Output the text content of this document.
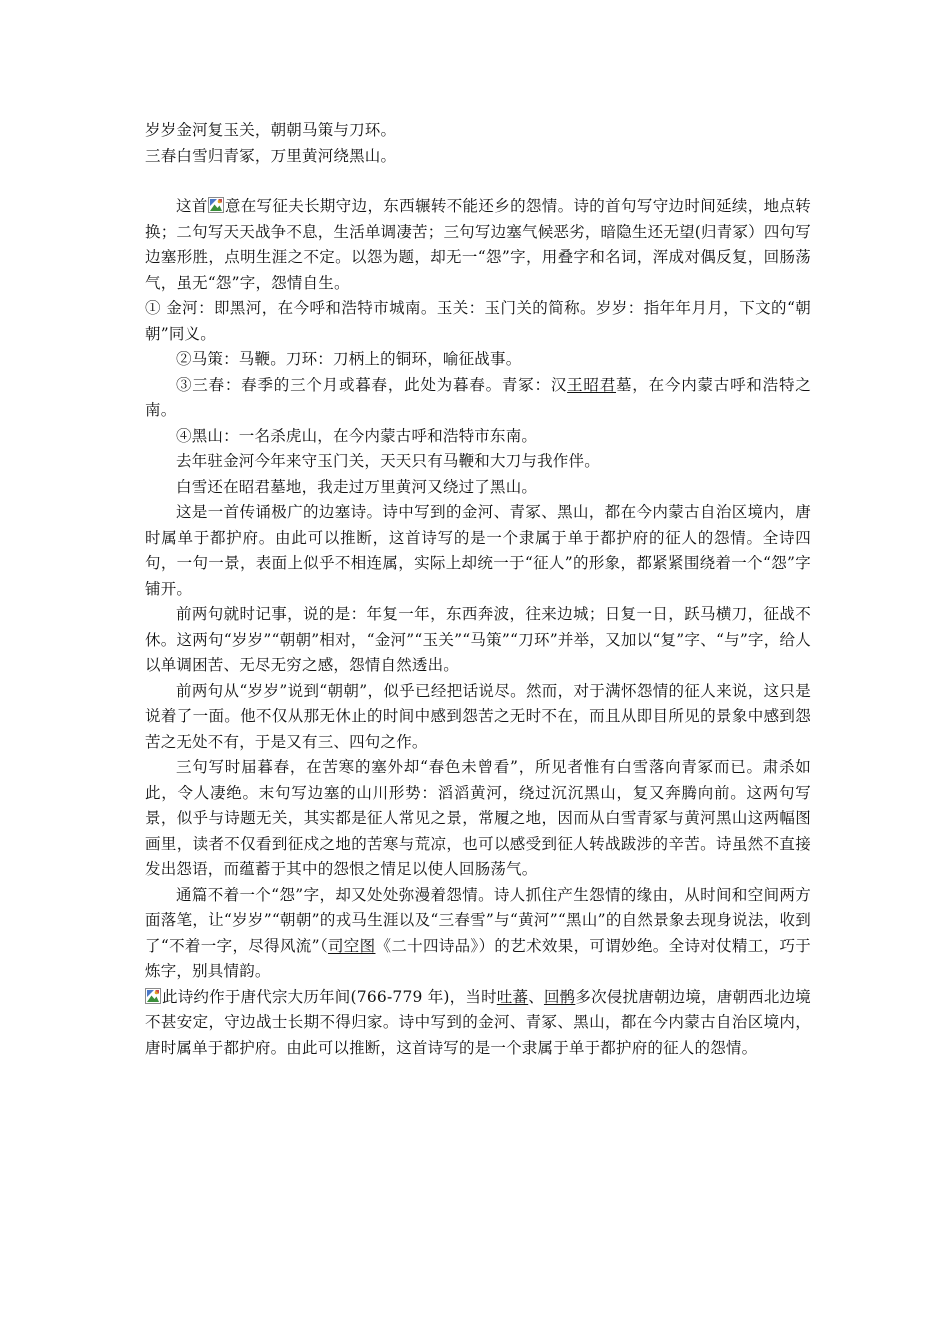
岁岁金河复玉关，朝朝马策与刀环。

三春白雪归青冢，万里黄河绕黑山。

这首 意在写征夫长期守边，东西辗转不能还乡的怨情。诗的首句写守边时间延续，地点转换；二句写天天战争不息，生活单调凄苦；三句写边塞气候恶劣，暗隐生还无望(归青冢）四句写边塞形胜，点明生涯之不定。以怨为题，却无一“怨”字，用叠字和名词，浑成对偶反复，回肠荡气，虽无“怨”字，怨情自生。

① 金河：即黑河，在今呼和浩特市城南。玉关：玉门关的简称。岁岁：指年年月月，下文的“朝朝”同义。

②马策：马鞭。刀环：刀柄上的铜环，喻征战事。

③三春：春季的三个月或暮春，此处为暮春。青冢：汉王昭君墓，在今内蒙古呼和浩特之南。

④黑山：一名杀虎山，在今内蒙古呼和浩特市东南。

去年驻金河今年来守玉门关，天天只有马鞭和大刀与我作伴。

白雪还在昭君墓地，我走过万里黄河又绕过了黑山。

这是一首传诵极广的边塞诗。诗中写到的金河、青冢、黑山，都在今内蒙古自治区境内，唐时属单于都护府。由此可以推断，这首诗写的是一个隶属于单于都护府的征人的怨情。全诗四句，一句一景，表面上似乎不相连属，实际上却统一于“征人”的形象，都紧紧围绕着一个“怨”字铺开。

前两句就时记事，说的是：年复一年，东西奔波，往来边城；日复一日，跃马横刀，征战不休。这两句“岁岁”“朝朝”相对，“金河”“玉关”“马策”“刀环”并举，又加以“复”字、“与”字，给人以单调困苦、无尽无穷之感，怨情自然透出。

前两句从“岁岁”说到“朝朝”，似乎已经把话说尽。然而，对于满怀怨情的征人来说，这只是说着了一面。他不仅从那无休止的时间中感到怨苦之无时不在，而且从即目所见的景象中感到怨苦之无处不有，于是又有三、四句之作。

三句写时届暮春，在苦寒的塞外却“春色未曾看”，所见者惟有白雪落向青冢而已。肃杀如此，令人凄绝。末句写边塞的山川形势：滔滔黄河，绕过沉沉黑山，复又奔腾向前。这两句写景，似乎与诗题无关，其实都是征人常见之景，常履之地，因而从白雪青冢与黄河黑山这两幅图画里，读者不仅看到征戍之地的苦寒与荒凉，也可以感受到征人转战跋涉的辛苦。诗虽然不直接发出怨语，而蕴蓄于其中的怨恨之情足以使人回肠荡气。

通篇不着一个“怨”字，却又处处弥漫着怨情。诗人抓住产生怨情的缘由，从时间和空间两方面落笔，让“岁岁”“朝朝”的戎马生涯以及“三春雪”与“黄河”“黑山”的自然景象去现身说法，收到了“不着一字，尽得风流”（司空图《二十四诗品》）的艺术效果，可谓妙绝。全诗对仗精工，巧于炼字，别具情韵。

此诗约作于唐代宗大历年间(766-779 年)，当时吐蕃、回鹘多次侵扰唐朝边境，唐朝西北边境不甚安定，守边战士长期不得归家。诗中写到的金河、青冢、黑山，都在今内蒙古自治区境内，唐时属单于都护府。由此可以推断，这首诗写的是一个隶属于单于都护府的征人的怨情。
